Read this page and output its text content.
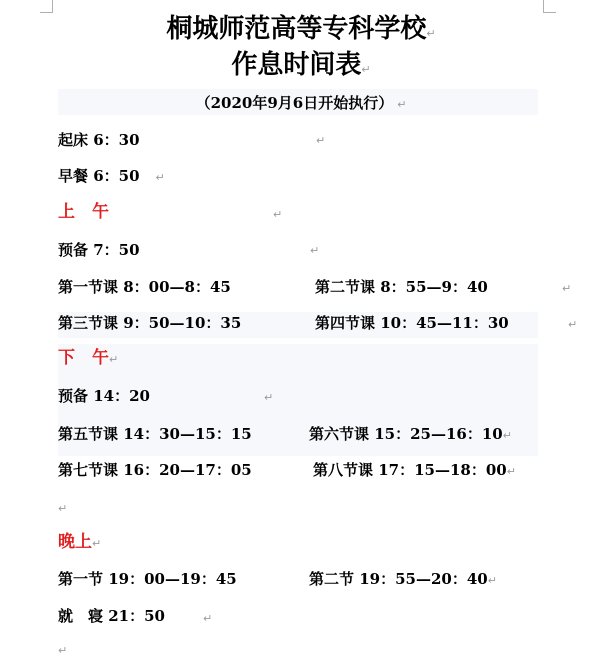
桐城师范高等专科学校↵
作息时间表↵
（2020年9月6日开始执行） ↵
起床 6：30	↵
早餐 6：50 ↵
上　午	↵
预备 7：50	↵
第一节课 8：00—8：45	第二节课 8：55—9：40	↵
第三节课 9：50—10：35	第四节课 10：45—11：30	↵
下　午↵
预备 14：20	↵
第五节课 14：30—15：15	第六节课 15：25—16：10↵
第七节课 16：20—17：05	第八节课 17：15—18：00↵
↵
晚上↵
第一节 19：00—19：45	第二节 19：55—20：40↵
就　寝 21：50	↵
↵
